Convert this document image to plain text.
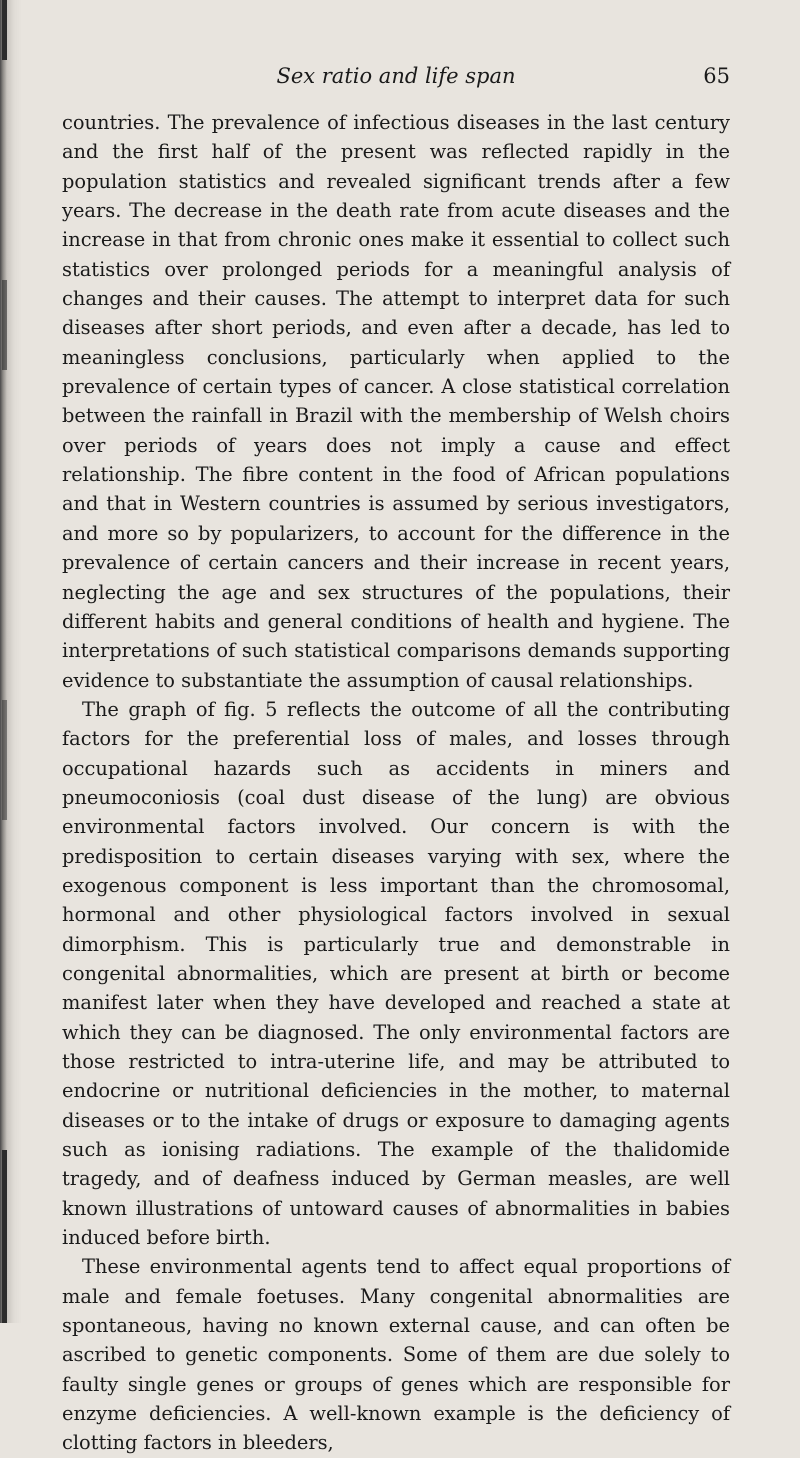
Sex ratio and life span	65

countries. The prevalence of infectious diseases in the last century and the first half of the present was reflected rapidly in the population statistics and revealed significant trends after a few years. The decrease in the death rate from acute diseases and the increase in that from chronic ones make it essential to collect such statistics over prolonged periods for a meaningful analysis of changes and their causes. The attempt to interpret data for such diseases after short periods, and even after a decade, has led to meaningless conclusions, particularly when applied to the prevalence of certain types of cancer. A close statistical correlation between the rainfall in Brazil with the membership of Welsh choirs over periods of years does not imply a cause and effect relationship. The fibre content in the food of African populations and that in Western countries is assumed by serious investigators, and more so by popularizers, to account for the difference in the prevalence of certain cancers and their increase in recent years, neglecting the age and sex structures of the populations, their different habits and general conditions of health and hygiene. The interpretations of such statistical comparisons demands supporting evidence to substantiate the assumption of causal relationships.

The graph of fig. 5 reflects the outcome of all the contributing factors for the preferential loss of males, and losses through occupational hazards such as accidents in miners and pneumoconiosis (coal dust disease of the lung) are obvious environmental factors involved. Our concern is with the predisposition to certain diseases varying with sex, where the exogenous component is less important than the chromosomal, hormonal and other physiological factors involved in sexual dimorphism. This is particularly true and demonstrable in congenital abnormalities, which are present at birth or become manifest later when they have developed and reached a state at which they can be diagnosed. The only environmental factors are those restricted to intra-uterine life, and may be attributed to endocrine or nutritional deficiencies in the mother, to maternal diseases or to the intake of drugs or exposure to damaging agents such as ionising radiations. The example of the thalidomide tragedy, and of deafness induced by German measles, are well known illustrations of untoward causes of abnormalities in babies induced before birth.

These environmental agents tend to affect equal proportions of male and female foetuses. Many congenital abnormalities are spontaneous, having no known external cause, and can often be ascribed to genetic components. Some of them are due solely to faulty single genes or groups of genes which are responsible for enzyme deficiencies. A well-known example is the deficiency of clotting factors in bleeders,
